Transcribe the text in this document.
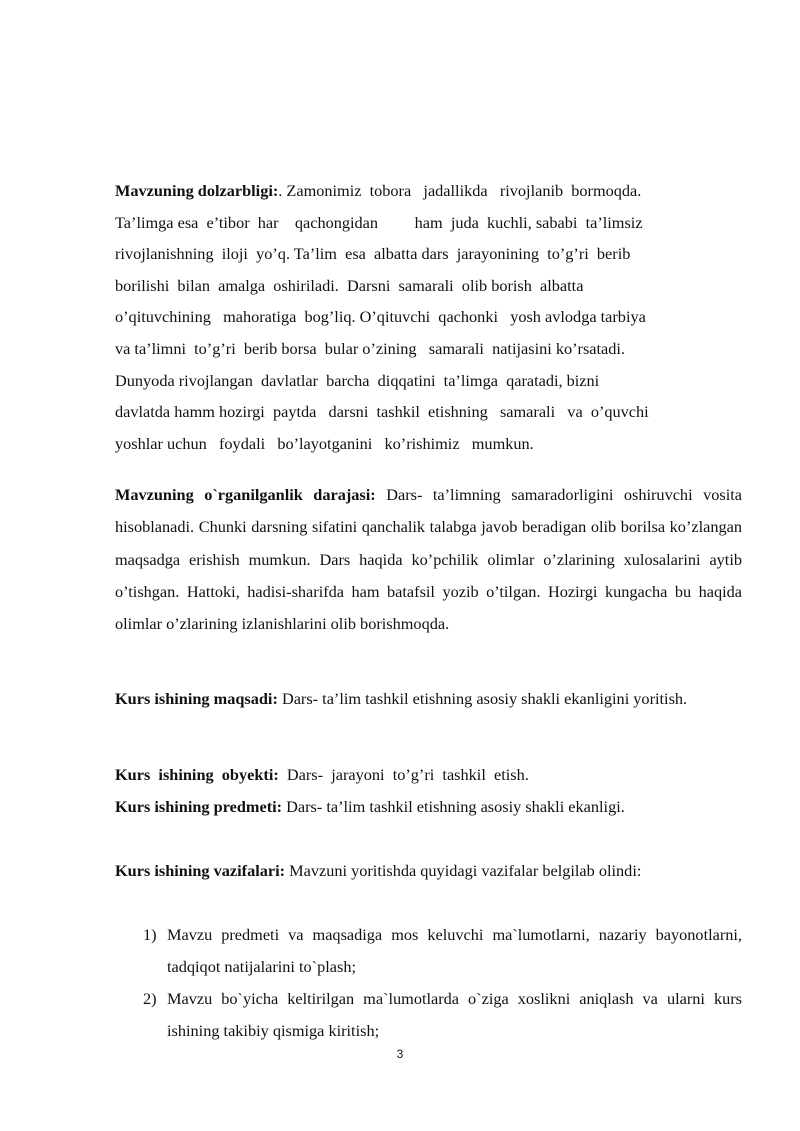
Mavzuning dolzarbligi:. Zamonimiz  tobora   jadallikda   rivojlanib  bormoqda.
Ta’limga esa  e’tibor  har    qachongidan         ham  juda  kuchli, sababi  ta’limsiz
rivojlanishning  iloji  yo’q. Ta’lim  esa  albatta dars  jarayonining  to’g’ri  berib
borilishi  bilan  amalga  oshiriladi.  Darsni  samarali  olib borish  albatta
o’qituvchining   mahoratiga  bog’liq. O’qituvchi  qachonki   yosh avlodga tarbiya
va ta’limni  to’g’ri  berib borsa  bular o’zining   samarali  natijasini ko’rsatadi.
Dunyoda rivojlangan  davlatlar  barcha  diqqatini  ta’limga  qaratadi, bizni
davlatda hamm hozirgi  paytda   darsni  tashkil  etishning   samarali   va  o’quvchi
yoshlar uchun   foydali   bo’layotganini   ko’rishimiz   mumkun.
Mavzuning o`rganilganlik darajasi: Dars- ta’limning samaradorligini oshiruvchi vosita hisoblanadi. Chunki darsning sifatini qanchalik talabga javob beradigan olib borilsa ko’zlangan maqsadga erishish mumkun. Dars haqida ko’pchilik olimlar o’zlarining xulosalarini aytib o’tishgan. Hattoki, hadisi-sharifda ham batafsil yozib o’tilgan. Hozirgi kungacha bu haqida olimlar o’zlarining izlanishlarini olib borishmoqda.
Kurs ishining maqsadi: Dars- ta’lim tashkil etishning asosiy shakli ekanligini yoritish.
Kurs  ishining  obyekti:  Dars-  jarayoni  to’g’ri  tashkil  etish.
Kurs ishining predmeti: Dars- ta’lim tashkil etishning asosiy shakli ekanligi.
Kurs ishining vazifalari: Mavzuni yoritishda quyidagi vazifalar belgilab olindi:
1) Mavzu predmeti va maqsadiga mos keluvchi ma`lumotlarni, nazariy bayonotlarni, tadqiqot natijalarini to`plash;
2) Mavzu bo`yicha keltirilgan ma`lumotlarda o`ziga xoslikni aniqlash va ularni kurs ishining takibiy qismiga kiritish;
3
